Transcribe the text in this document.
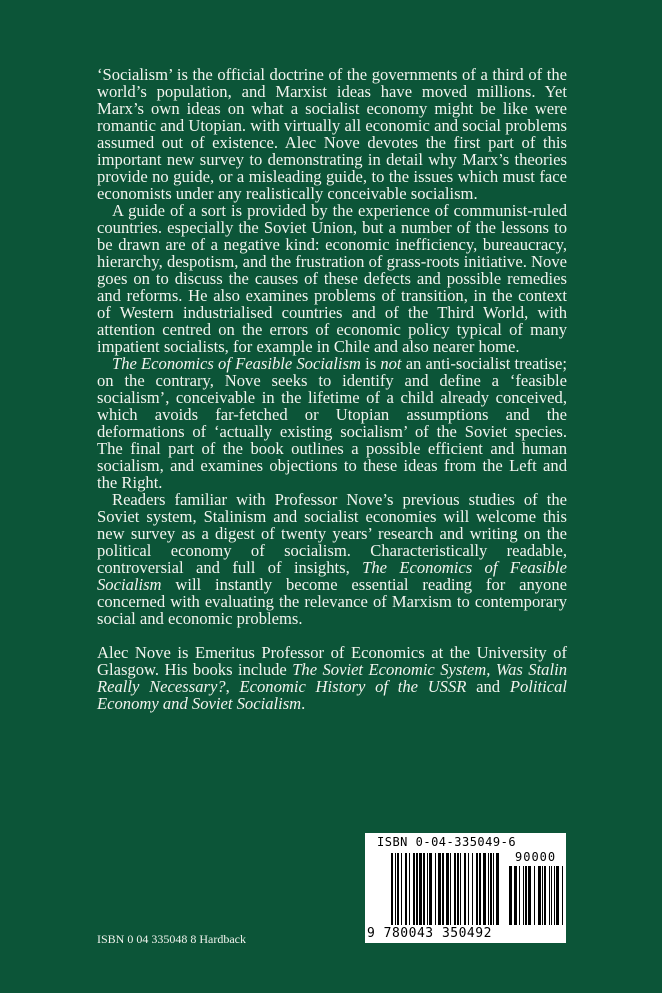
‘Socialism’ is the official doctrine of the governments of a third of the world’s population, and Marxist ideas have moved millions. Yet Marx’s own ideas on what a socialist economy might be like were romantic and Utopian. with virtually all economic and social problems assumed out of existence. Alec Nove devotes the first part of this important new survey to demonstrating in detail why Marx’s theories provide no guide, or a misleading guide, to the issues which must face economists under any realistically conceivable socialism.

A guide of a sort is provided by the experience of communist-ruled countries. especially the Soviet Union, but a number of the lessons to be drawn are of a negative kind: economic inefficiency, bureaucracy, hierarchy, despotism, and the frustration of grass-roots initiative. Nove goes on to discuss the causes of these defects and possible remedies and reforms. He also examines problems of transition, in the context of Western industrialised countries and of the Third World, with attention centred on the errors of economic policy typical of many impatient socialists, for example in Chile and also nearer home.

The Economics of Feasible Socialism is not an anti-socialist treatise; on the contrary, Nove seeks to identify and define a ‘feasible socialism’, conceivable in the lifetime of a child already conceived, which avoids far-fetched or Utopian assumptions and the deformations of ‘actually existing socialism’ of the Soviet species. The final part of the book outlines a possible efficient and human socialism, and examines objections to these ideas from the Left and the Right.

Readers familiar with Professor Nove’s previous studies of the Soviet system, Stalinism and socialist economies will welcome this new survey as a digest of twenty years’ research and writing on the political economy of socialism. Characteristically readable, controversial and full of insights, The Economics of Feasible Socialism will instantly become essential reading for anyone concerned with evaluating the relevance of Marxism to contemporary social and economic problems.

Alec Nove is Emeritus Professor of Economics at the University of Glasgow. His books include The Soviet Economic System, Was Stalin Really Necessary?, Economic History of the USSR and Political Economy and Soviet Socialism.

ISBN 0 04 335048 8 Hardback
ISBN 0-04-335049-6
90000
9 780043 350492
